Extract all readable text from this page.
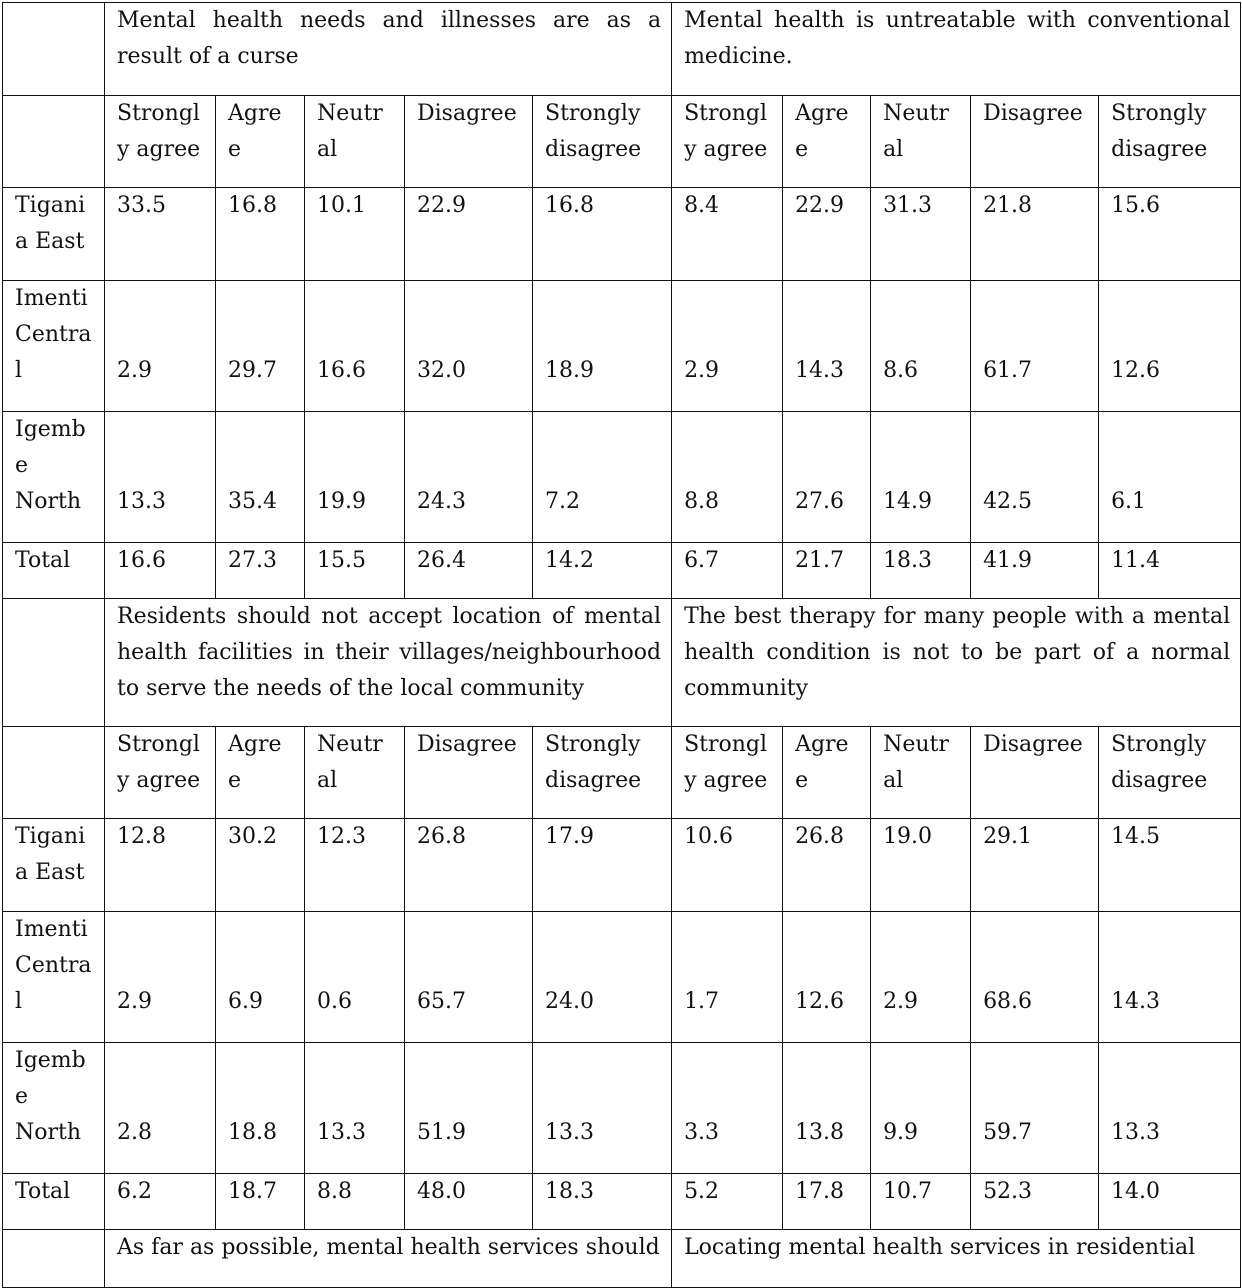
	Mental health needs and illnesses are as a result of a curse					Mental health is untreatable with conventional medicine.				
	Strongl y agree	Agre e	Neutr al	Disagree	Strongly disagree	Strongl y agree	Agre e	Neutr al	Disagree	Strongly disagree
Tigani a East	33.5	16.8	10.1	22.9	16.8	8.4	22.9	31.3	21.8	15.6
Imenti Centra l	2.9	29.7	16.6	32.0	18.9	2.9	14.3	8.6	61.7	12.6
Igemb e North	13.3	35.4	19.9	24.3	7.2	8.8	27.6	14.9	42.5	6.1
Total	16.6	27.3	15.5	26.4	14.2	6.7	21.7	18.3	41.9	11.4
	Residents should not accept location of mental health facilities in their villages/neighbourhood to serve the needs of the local community					The best therapy for many people with a mental health condition is not to be part of a normal community				
	Strongl y agree	Agre e	Neutr al	Disagree	Strongly disagree	Strongl y agree	Agre e	Neutr al	Disagree	Strongly disagree
Tigani a East	12.8	30.2	12.3	26.8	17.9	10.6	26.8	19.0	29.1	14.5
Imenti Centra l	2.9	6.9	0.6	65.7	24.0	1.7	12.6	2.9	68.6	14.3
Igemb e North	2.8	18.8	13.3	51.9	13.3	3.3	13.8	9.9	59.7	13.3
Total	6.2	18.7	8.8	48.0	18.3	5.2	17.8	10.7	52.3	14.0
	As far as possible, mental health services should					Locating mental health services in residential				
